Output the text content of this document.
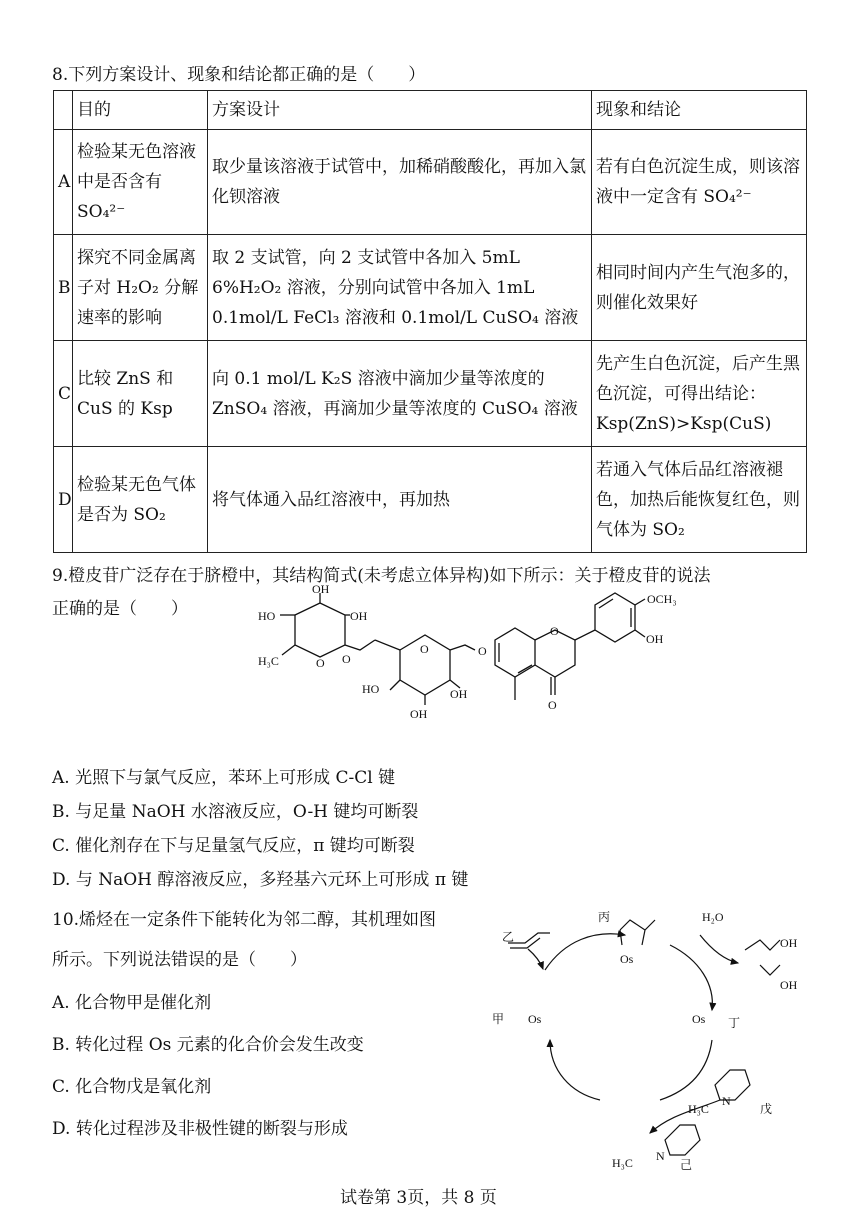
8.下列方案设计、现象和结论都正确的是（　　）
	目的	方案设计	现象和结论
A	检验某无色溶液中是否含有SO₄²⁻	取少量该溶液于试管中，加稀硝酸酸化，再加入氯化钡溶液	若有白色沉淀生成，则该溶液中一定含有 SO₄²⁻
B	探究不同金属离子对 H₂O₂ 分解速率的影响	取 2 支试管，向 2 支试管中各加入 5mL 6%H₂O₂ 溶液，分别向试管中各加入 1mL 0.1mol/L FeCl₃ 溶液和 0.1mol/L CuSO₄ 溶液	相同时间内产生气泡多的，则催化效果好
C	比较 ZnS 和 CuS 的 Ksp	向 0.1 mol/L K₂S 溶液中滴加少量等浓度的 ZnSO₄ 溶液，再滴加少量等浓度的 CuSO₄ 溶液	先产生白色沉淀，后产生黑色沉淀，可得出结论：Ksp(ZnS)>Ksp(CuS)
D	检验某无色气体是否为 SO₂	将气体通入品红溶液中，再加热	若通入气体后品红溶液褪色，加热后能恢复红色，则气体为 SO₂
9.橙皮苷广泛存在于脐橙中，其结构简式(未考虑立体异构)如下所示：关于橙皮苷的说法
正确的是（　　）
OH
HO	OH
H₃C	O O
O
HO
OH
OH
O
O
O
OCH₃
OH
A. 光照下与氯气反应，苯环上可形成 C-Cl 键
B. 与足量 NaOH 水溶液反应，O-H 键均可断裂
C. 催化剂存在下与足量氢气反应，π 键均可断裂
D. 与 NaOH 醇溶液反应，多羟基六元环上可形成 π 键
10.烯烃在一定条件下能转化为邻二醇，其机理如图
所示。下列说法错误的是（　　）
A. 化合物甲是催化剂
B. 转化过程 Os 元素的化合价会发生改变
C. 化合物戊是氧化剂
D. 转化过程涉及非极性键的断裂与形成
乙
丙
Os
H₂O
OH
OH
甲 Os	Os 丁
H₃C
N
戊
H₃C N
己
试卷第 3页，共 8 页
